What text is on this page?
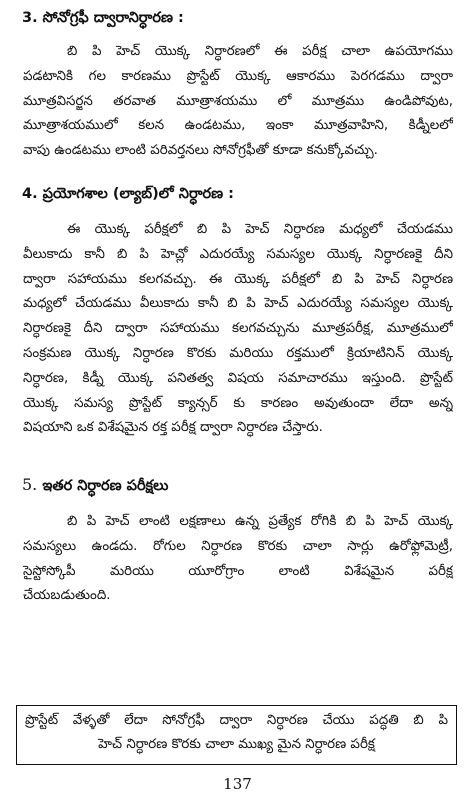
3. సోనోగ్రఫీ ద్వారానిర్ధారణ :
బి పి హెచ్ యొక్క నిర్ధారణలో ఈ పరీక్ష చాలా ఉపయోగము
పడటానికి గల కారణము ప్రొస్టేట్ యొక్క ఆకారము పెరగడము ద్వారా
మూత్రవిసర్జన తరవాత మూత్రాశయము లో మూత్రము ఉండిపోవుట,
మూత్రాశయములో కలన ఉండటము, ఇంకా మూత్రవాహిని, కిడ్నీలలో
వాపు ఉండటము లాంటి పరివర్తనలు సోనోగ్రఫీతో కూడా కనుక్కోవచ్చు.
4. ప్రయోగశాల (ల్యాబ్)లో నిర్ధారణ :
ఈ యొక్క పరీక్షలో బి పి హెచ్ నిర్ధారణ మధ్యలో చేయడము
వీలుకాదు కానీ బి పి హెచ్లో ఎదురయ్యే సమస్యల యొక్క నిర్ధారణకై దీని
ద్వారా సహాయము కలగవచ్చు. ఈ యొక్క పరీక్షలో బి పి హెచ్ నిర్ధారణ
మధ్యలో చేయడము వీలుకాదు కానీ బి పి హెచ్ ఎదురయ్యే సమస్యల యొక్క
నిర్ధారణకై దీని ద్వారా సహాయము కలగవచ్చును మూత్రపరీక్ష, మూత్రములో
సంక్రమణ యొక్క నిర్ధారణ కొరకు మరియు రక్తములో క్రియాటినిన్ యొక్క
నిర్ధారణ, కిడ్నీ యొక్క పనితత్వ విషయ సమాచారము ఇస్తుంది. ప్రొస్టేట్
యొక్క సమస్య ప్రొస్టేట్ క్యాన్సర్ కు కారణం అవుతుందా లేదా అన్న
విషయాని ఒక విశేషమైన రక్త పరీక్ష ద్వారా నిర్ధారణ చేస్తారు.
5. ఇతర నిర్ధారణ పరీక్షలు
బి పి హెచ్ లాంటి లక్షణాలు ఉన్న ప్రత్యేక రోగికి బి పి హెచ్ యొక్క
సమస్యలు ఉండదు. రోగుల నిర్ధారణ కొరకు చాలా సార్లు ఉరోఫ్లోమెట్రీ,
సైస్టోస్కోపీ మరియు యూరోగ్రాం లాంటి విశేషమైన పరీక్ష
చేయబడుతుంది.
ప్రొస్టేట్ వేళ్ళతో లేదా సోనోగ్రఫీ ద్వారా నిర్ధారణ చేయు పద్ధతి బి పి
హెచ్ నిర్ధారణ కొరకు చాలా ముఖ్య మైన నిర్ధారణ పరీక్ష
137
